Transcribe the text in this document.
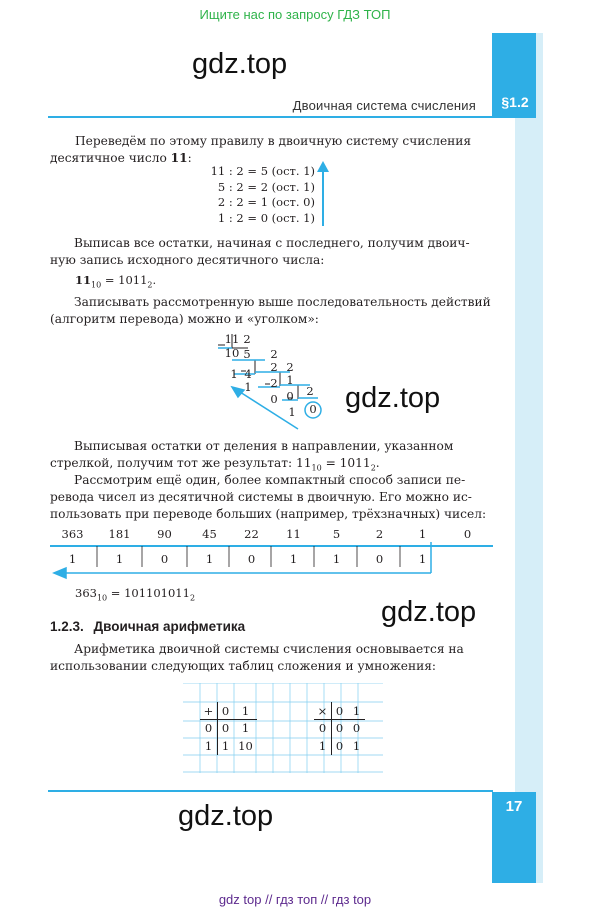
Ищите нас по запросу ГДЗ ТОП
§1.2
17
gdz.top
Двоичная система счисления
Переведём по этому правилу в двоичную систему счисления
десятичное число 11:
11 : 2 = 5 (ост. 1)
5 : 2 = 2 (ост. 1)
2 : 2 = 1 (ост. 0)
1 : 2 = 0 (ост. 1)
Выписав все остатки, начиная с последнего, получим двоич-
ную запись исходного десятичного числа:
$11_{10} = 1011_2$.
Записывать рассмотренную выше последовательность действий
(алгоритм перевода) можно и «уголком»:
11
10
1
2
5
4
1
2
2
2
0
2
1
0
1
2
0 gdz.top
Выписывая остатки от деления в направлении, указанном
стрелкой, получим тот же результат: $11_{10} = 1011_2$.
Рассмотрим ещё один, более компактный способ записи пе-
ревода чисел из десятичной системы в двоичную. Его можно ис-
пользовать при переводе больших (например, трёхзначных) чисел:
363	181	90	45	22	11	5	2	1	0
1	1	0	1	0	1	1	0	1
$363_{10} = 101101011_2$	gdz.top
1.2.3. Двоичная арифметика
Арифметика двоичной системы счисления основывается на
использовании следующих таблиц сложения и умножения:
+ 0	1
0 0	1
1 1 10
× 0 1
0 0 0
1 0 1
gdz.top
gdz top // гдз топ // гдз top
